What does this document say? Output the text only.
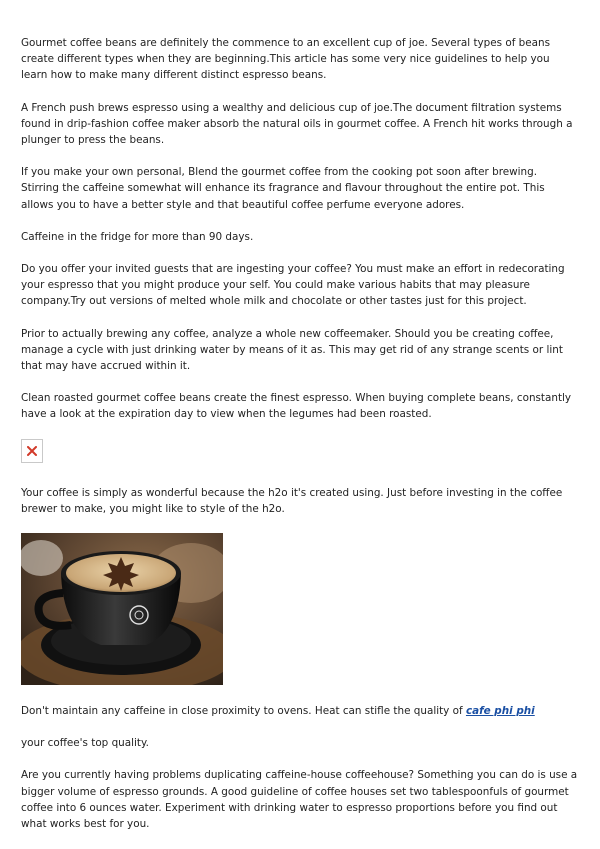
Gourmet coffee beans are definitely the commence to an excellent cup of joe. Several types of beans create different types when they are beginning.This article has some very nice guidelines to help you learn how to make many different distinct espresso beans.

A French push brews espresso using a wealthy and delicious cup of joe.The document filtration systems found in drip-fashion coffee maker absorb the natural oils in gourmet coffee. A French hit works through a plunger to press the beans.

If you make your own personal, Blend the gourmet coffee from the cooking pot soon after brewing. Stirring the caffeine somewhat will enhance its fragrance and flavour throughout the entire pot. This allows you to have a better style and that beautiful coffee perfume everyone adores.

Caffeine in the fridge for more than 90 days.

Do you offer your invited guests that are ingesting your coffee? You must make an effort in redecorating your espresso that you might produce your self. You could make various habits that may pleasure company.Try out versions of melted whole milk and chocolate or other tastes just for this project.

Prior to actually brewing any coffee, analyze a whole new coffeemaker. Should you be creating coffee, manage a cycle with just drinking water by means of it as. This may get rid of any strange scents or lint that may have accrued within it.

Clean roasted gourmet coffee beans create the finest espresso. When buying complete beans, constantly have a look at the expiration day to view when the legumes had been roasted.

Your coffee is simply as wonderful because the h2o it's created using. Just before investing in the coffee brewer to make, you might like to style of the h2o.

Don't maintain any caffeine in close proximity to ovens. Heat can stifle the quality of cafe phi phi

your coffee's top quality.

Are you currently having problems duplicating caffeine-house coffeehouse? Something you can do is use a bigger volume of espresso grounds. A good guideline of coffee houses set two tablespoonfuls of gourmet coffee into 6 ounces water. Experiment with drinking water to espresso proportions before you find out what works best for you.
